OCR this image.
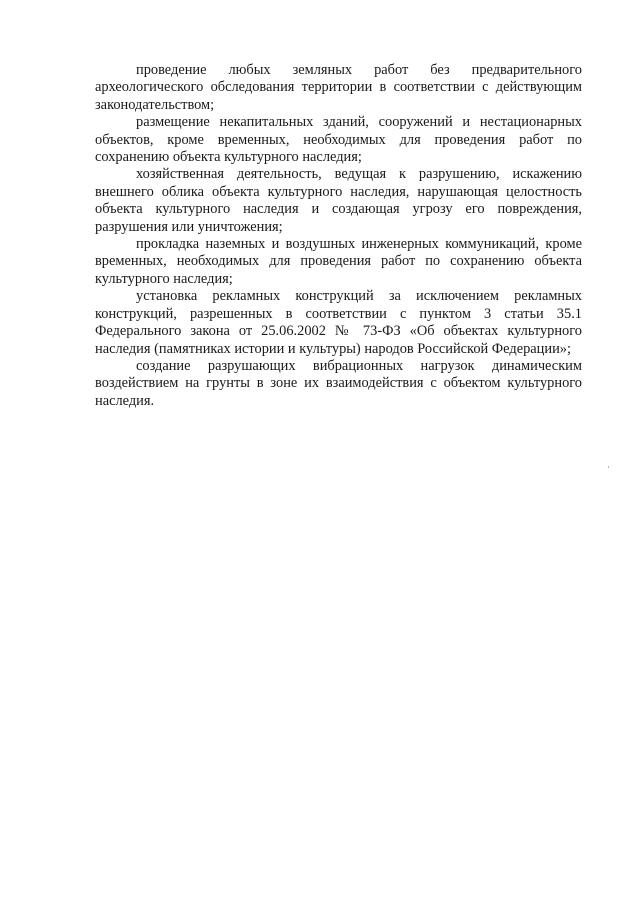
проведение любых земляных работ без предварительного археологического обследования территории в соответствии с действующим законодательством;

размещение некапитальных зданий, сооружений и нестационарных объектов, кроме временных, необходимых для проведения работ по сохранению объекта культурного наследия;

хозяйственная деятельность, ведущая к разрушению, искажению внешнего облика объекта культурного наследия, нарушающая целостность объекта культурного наследия и создающая угрозу его повреждения, разрушения или уничтожения;

прокладка наземных и воздушных инженерных коммуникаций, кроме временных, необходимых для проведения работ по сохранению объекта культурного наследия;

установка рекламных конструкций за исключением рекламных конструкций, разрешенных в соответствии с пунктом 3 статьи 35.1 Федерального закона от 25.06.2002 № 73-ФЗ «Об объектах культурного наследия (памятниках истории и культуры) народов Российской Федерации»;

создание разрушающих вибрационных нагрузок динамическим воздействием на грунты в зоне их взаимодействия с объектом культурного наследия.
